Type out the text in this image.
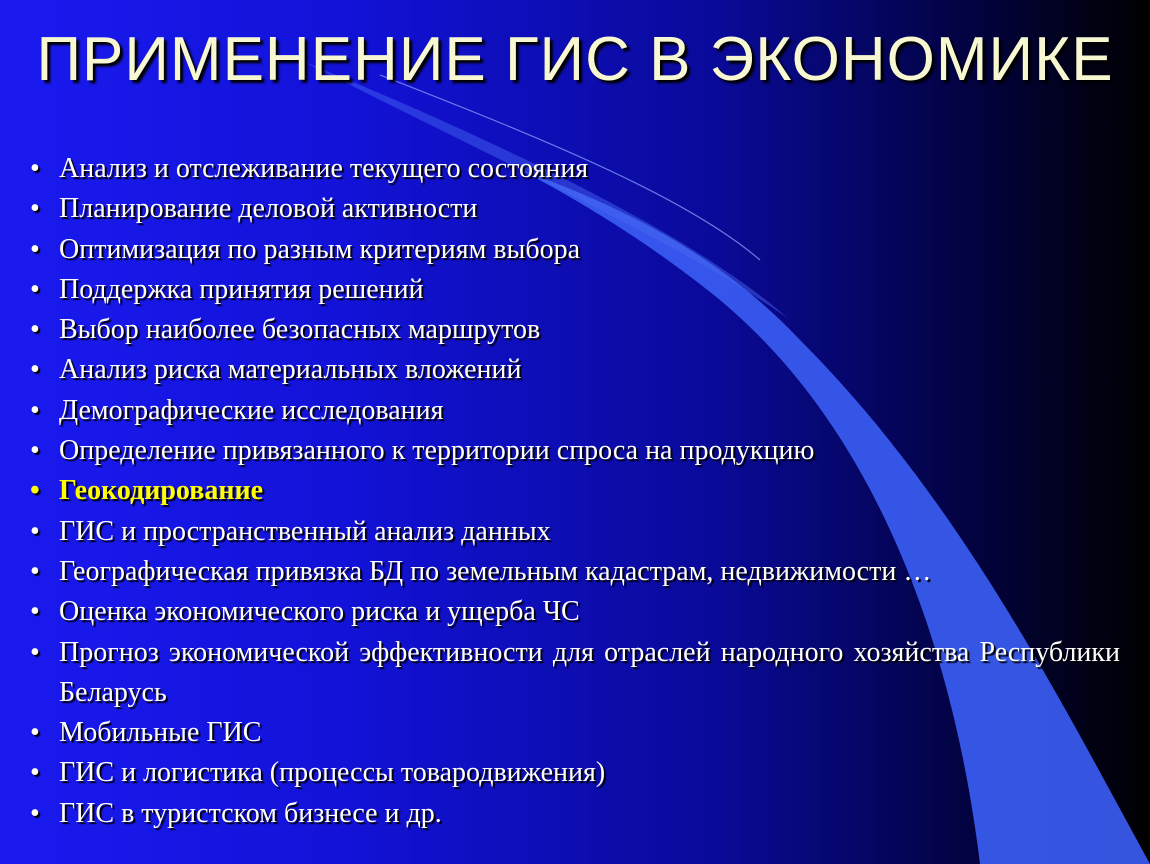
ПРИМЕНЕНИЕ ГИС В ЭКОНОМИКЕ
• Анализ и отслеживание текущего состояния
• Планирование деловой активности
• Оптимизация по разным критериям выбора
• Поддержка принятия решений
• Выбор наиболее безопасных маршрутов
• Анализ риска материальных вложений
• Демографические исследования
• Определение привязанного к территории спроса на продукцию
• Геокодирование
• ГИС и пространственный анализ данных
• Географическая привязка БД по земельным кадастрам, недвижимости …
• Оценка экономического риска и ущерба ЧС
• Прогноз экономической эффективности для отраслей народного хозяйства Республики Беларусь
• Мобильные ГИС
• ГИС и логистика (процессы товародвижения)
• ГИС в туристском бизнесе и др.
